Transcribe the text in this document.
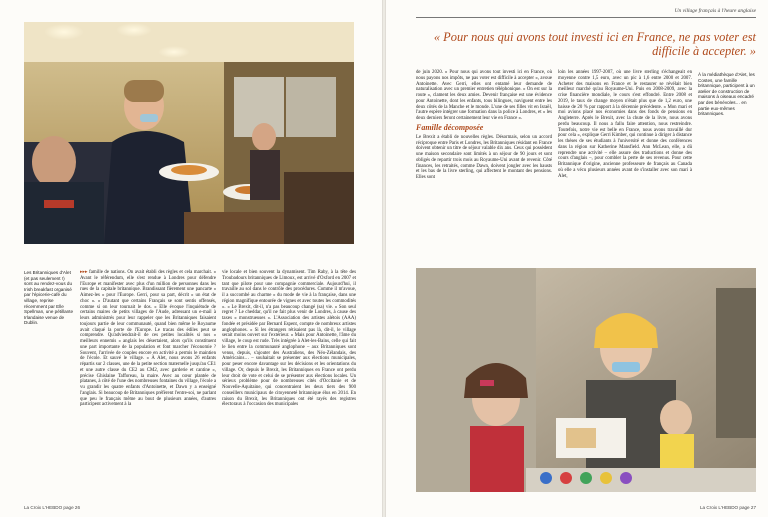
Les Britanniques d'Alet (et pas seulement !) sont au rendez-vous du Irish breakfast organisé par l'épicerie-café du village, reprise récemment par Elle Spellman, une pétillante Irlandaise venue de Dublin.

▸▸▸ famille de nations. On avait établi des règles et cela marchait. » Avant le référendum, elle s'est rendue à Londres pour défendre l'Europe et manifester avec plus d'un million de personnes dans les rues de la capitale britannique. Brandissant fièrement une pancarte « Aimez-les » pour l'Europe. Gerri, pour sa part, décrit « un état de choc ». « D'autant que certains Français se sont sentis offensés, comme si on leur tournait le dos. » Elle évoque l'inquiétude de certains maires de petits villages de l'Aude, adressant un e-mail à leurs administrés pour leur rappeler que les Britanniques faisaient toujours partie de leur communauté, quand bien même le Royaume avait claqué la porte de l'Europe. Le tracas des édiles peut se comprendre. Qu'adviendrait-il de ces petites localités si nos « meilleurs ennemis » anglais les désertaient, alors qu'ils constituent une part importante de la population et font marcher l'économie ? Souvent, l'arrivée de couples encore en activité a permis le maintien de l'école. Et sauvé le village. « À Alet, nous avons 26 enfants répartis sur 2 classes, une de la petite section maternelle jusqu'au CE1 et une autre classe du CE2 au CM2, avec garderie et cantine », précise Ghislaine Tafforeau, la maire. Avec au cœur plantée de platanes, à côté de l'une des nombreuses fontaines du village, l'école a vu grandir les quatre enfants d'Antoinette, et Dawn y a enseigné l'anglais. Si beaucoup de Britanniques préfèrent l'entre-soi, ne parlant que peu le français même au bout de plusieurs années, d'autres participent activement à la

vie locale et bien souvent la dynamisent. Tim Raby, à la tête des Troubadours britanniques de Limoux, est arrivé d'Oxford en 2007 et tant que pilote pour une compagnie commerciale. Aujourd'hui, il travaille au sol dans le contrôle des procédures. Comme il m'avoue, il a succombé au charme « du mode de vie à la française, dans une région magnifique entourée de vignes et avec toutes les commodités ». « Le Brexit, dit-il, n'a pas beaucoup changé (sa) vie. » Son seul regret ? Le cheddar, qu'il ne fait plus venir de Londres, à cause des taxes « monstrueuses ». L'Association des artistes alétois (AAA) fondée et présidée par Bernard Espent, compte de nombreux artistes anglophones. « Si les étrangers rétisaient pas là, dit-il, le village serait moins ouvert sur l'extérieur. » Mais pour Antoinette, l'âme du village, le coup est rude. Très intégrée à Alet-les-Bains, celle qui fait le lien entre la communauté anglophone – aux Britanniques sont venus, depuis, s'ajouter des Australiens, des Néo-Zélandais, des Américains… – souhaitait se présenter aux élections municipales, pour peser encore davantage sur les décisions et les orientations du village. Or, depuis le Brexit, les Britanniques en France ont perdu leur droit de vote et celui de se présenter aux élections locales. Un sérieux problème pour de nombreuses cités d'Occitanie et de Nouvelle-Aquitaine, qui concentraient les deux tiers des 900 conseillers municipaux de citoyenneté britannique élus en 2014. En raison du Brexit, les Britanniques ont été rayés des registres électoraux à l'occasion des municipales

La Croix L'HEBDO page 26
Un village français à l'heure anglaise
« Pour nous qui avons tout investi ici en France, ne pas voter est difficile à accepter. »

de juin 2020. « Pour nous qui avons tout investi ici en France, où nous payons nos impôts, ne pas voter est difficile à accepter », avoue Antoinette. Avec Gerri, elles ont entamé leur demande de naturalisation avec un premier entretien téléphonique. « On est sur la route », clament les deux amies. Devenir française est une évidence pour Antoinette, dont les enfants, tous bilingues, naviguent entre les deux côtés de la Manche et le monde. L'une de ses filles vit en Israël, l'autre espère intégrer une formation dans la police à Londres, et « les deux derniers feront certainement leur vie en France ».

Famille décomposée

Le Brexit a établi de nouvelles règles. Désormais, selon un accord réciproque entre Paris et Londres, les Britanniques résidant en France doivent obtenir un titre de séjour valable dix ans. Ceux qui possèdent une maison secondaire sont limités à un séjour de 90 jours et sont obligés de repartir trois mois au Royaume-Uni avant de revenir. Côté finances, les retraités, comme Dawn, doivent jongler avec les hausts et les bas de la livre sterling, qui affectent le montant des pensions. Elles sont

loin les années 1997-2007, où une livre sterling s'échangeait en moyenne contre 1,5 euro, avec un pic à 1,6 entre 2000 et 2007. Acheter des maisons en France et le restaurer se révélait bien meilleur marché qu'au Royaume-Uni. Puis en 2008-2009, avec la crise financière mondiale, le cours s'est effondré. Entre 2008 et 2019, le taux de change moyen n'était plus que de 1,2 euro, une baisse de 20 % par rapport à la décennie précédente. « Mon mari et moi avions placé nos économies dans des fonds de pensions en Angleterre. Après le Brexit, avec la chute de la livre, nous avons perdu beaucoup. Il nous a fallu faire attention, nous restreindre. Toutefois, notre vie est belle en France, nous avons travaillé dur pour cela », explique Gerri Kimber, qui continue à diriger à distance les thèses de ses étudiants à l'université et donne des conférences dans la région sur Katherine Mansfield. Ann McLean, elle, a dû reprendre une activité – elle assure des traductions et donne des cours d'anglais –, pour combler la perte de ses revenus. Pour cette Britannique d'origine, ancienne professeure de français au Canada où elle a vécu plusieurs années avant de s'installer avec son mari à Alet,

À la médiathèque d'Alet, les Costes, une famille britannique, participent à un atelier de construction de maisons à oiseaux encadré par des bénévoles… en partie eux-mêmes britanniques.
La Croix L'HEBDO page 27
